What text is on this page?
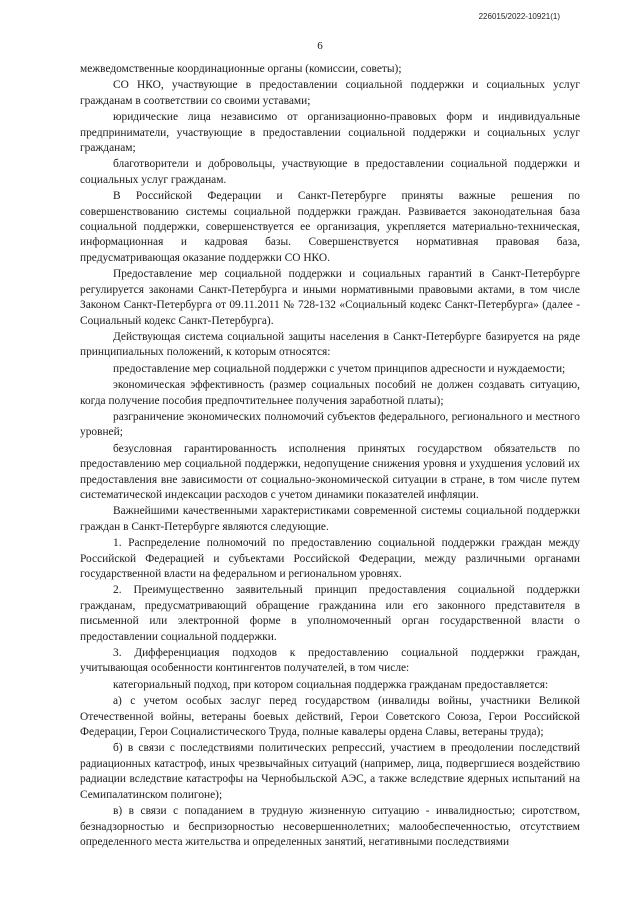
226015/2022-10921(1)
6

межведомственные координационные органы (комиссии, советы);

СО НКО, участвующие в предоставлении социальной поддержки и социальных услуг гражданам в соответствии со своими уставами;

юридические лица независимо от организационно-правовых форм и индивидуальные предприниматели, участвующие в предоставлении социальной поддержки и социальных услуг гражданам;

благотворители и добровольцы, участвующие в предоставлении социальной поддержки и социальных услуг гражданам.

В Российской Федерации и Санкт-Петербурге приняты важные решения по совершенствованию системы социальной поддержки граждан. Развивается законодательная база социальной поддержки, совершенствуется ее организация, укрепляется материально-техническая, информационная и кадровая базы. Совершенствуется нормативная правовая база, предусматривающая оказание поддержки СО НКО.

Предоставление мер социальной поддержки и социальных гарантий в Санкт-Петербурге регулируется законами Санкт-Петербурга и иными нормативными правовыми актами, в том числе Законом Санкт-Петербурга от 09.11.2011 № 728-132 «Социальный кодекс Санкт-Петербурга» (далее - Социальный кодекс Санкт-Петербурга).

Действующая система социальной защиты населения в Санкт-Петербурге базируется на ряде принципиальных положений, к которым относятся:

предоставление мер социальной поддержки с учетом принципов адресности и нуждаемости;

экономическая эффективность (размер социальных пособий не должен создавать ситуацию, когда получение пособия предпочтительнее получения заработной платы);

разграничение экономических полномочий субъектов федерального, регионального и местного уровней;

безусловная гарантированность исполнения принятых государством обязательств по предоставлению мер социальной поддержки, недопущение снижения уровня и ухудшения условий их предоставления вне зависимости от социально-экономической ситуации в стране, в том числе путем систематической индексации расходов с учетом динамики показателей инфляции.

Важнейшими качественными характеристиками современной системы социальной поддержки граждан в Санкт-Петербурге являются следующие.

1. Распределение полномочий по предоставлению социальной поддержки граждан между Российской Федерацией и субъектами Российской Федерации, между различными органами государственной власти на федеральном и региональном уровнях.

2. Преимущественно заявительный принцип предоставления социальной поддержки гражданам, предусматривающий обращение гражданина или его законного представителя в письменной или электронной форме в уполномоченный орган государственной власти о предоставлении социальной поддержки.

3. Дифференциация подходов к предоставлению социальной поддержки граждан, учитывающая особенности контингентов получателей, в том числе:

категориальный подход, при котором социальная поддержка гражданам предоставляется:

а) с учетом особых заслуг перед государством (инвалиды войны, участники Великой Отечественной войны, ветераны боевых действий, Герои Советского Союза, Герои Российской Федерации, Герои Социалистического Труда, полные кавалеры ордена Славы, ветераны труда);

б) в связи с последствиями политических репрессий, участием в преодолении последствий радиационных катастроф, иных чрезвычайных ситуаций (например, лица, подвергшиеся воздействию радиации вследствие катастрофы на Чернобыльской АЭС, а также вследствие ядерных испытаний на Семипалатинском полигоне);

в) в связи с попаданием в трудную жизненную ситуацию - инвалидностью; сиротством, безнадзорностью и беспризорностью несовершеннолетних; малообеспеченностью, отсутствием определенного места жительства и определенных занятий, негативными последствиями
